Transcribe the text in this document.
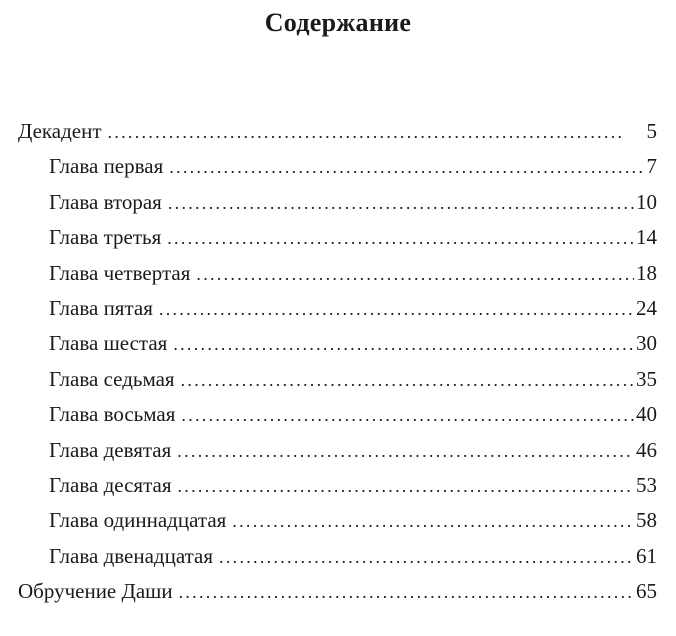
Содержание
Декадент . . .	5
Глава первая . . .	7
Глава вторая . . .	10
Глава третья . . .	14
Глава четвертая . . .	18
Глава пятая . . .	24
Глава шестая . . .	30
Глава седьмая . . .	35
Глава восьмая . . .	40
Глава девятая . . .	46
Глава десятая . . .	53
Глава одиннадцатая . . .	58
Глава двенадцатая . . .	61
Обручение Даши . . .	65
